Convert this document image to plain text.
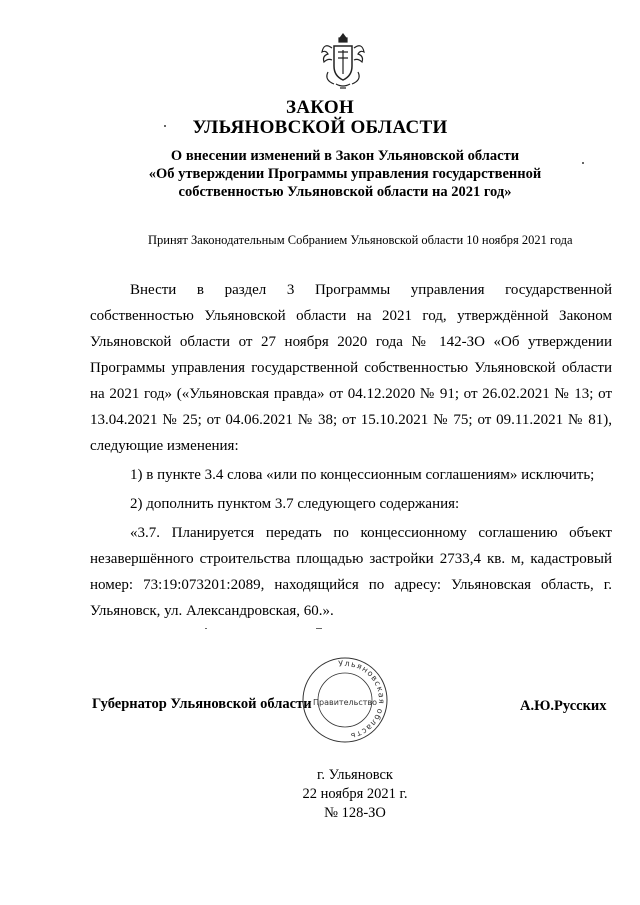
ЗАКОН
УЛЬЯНОВСКОЙ ОБЛАСТИ
О внесении изменений в Закон Ульяновской области
«Об утверждении Программы управления государственной
собственностью Ульяновской области на 2021 год»
Принят Законодательным Собранием Ульяновской области 10 ноября 2021 года

Внести в раздел 3 Программы управления государственной собственностью Ульяновской области на 2021 год, утверждённой Законом Ульяновской области от 27 ноября 2020 года № 142-ЗО «Об утверждении Программы управления государственной собственностью Ульяновской области на 2021 год» («Ульяновская правда» от 04.12.2020 № 91; от 26.02.2021 № 13; от 13.04.2021 № 25; от 04.06.2021 № 38; от 15.10.2021 № 75; от 09.11.2021 № 81), следующие изменения:

1) в пункте 3.4 слова «или по концессионным соглашениям» исключить;

2) дополнить пунктом 3.7 следующего содержания:

«3.7. Планируется передать по концессионному соглашению объект незавершённого строительства площадью застройки 2733,4 кв. м, кадастровый номер: 73:19:073201:2089, находящийся по адресу: Ульяновская область, г. Ульяновск, ул. Александровская, 60.».

Губернатор Ульяновской области
Ульяновская область
Правительство	А.Ю.Русских
г. Ульяновск
22 ноября 2021 г.
№ 128-ЗО
